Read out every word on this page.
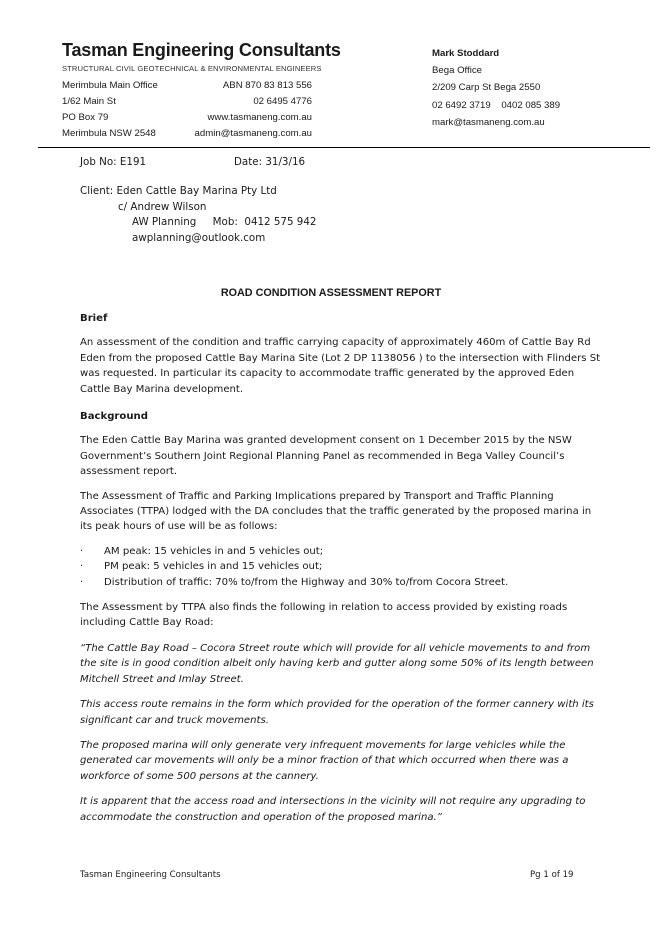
Tasman Engineering Consultants
STRUCTURAL CIVIL GEOTECHNICAL & ENVIRONMENTAL ENGINEERS
Merimbula Main Office	ABN 870 83 813 556
1/62 Main St	02 6495 4776
PO Box 79	www.tasmaneng.com.au
Merimbula NSW 2548	admin@tasmaneng.com.au
Mark Stoddard
Bega Office
2/209 Carp St Bega 2550
02 6492 3719    0402 085 389
mark@tasmaneng.com.au
Job No: E191	Date: 31/3/16
Client: Eden Cattle Bay Marina Pty Ltd
c/ Andrew Wilson
AW Planning     Mob:  0412 575 942
awplanning@outlook.com
ROAD CONDITION ASSESSMENT REPORT
Brief
An assessment of the condition and traffic carrying capacity of approximately 460m of Cattle Bay Rd Eden from the proposed Cattle Bay Marina Site (Lot 2 DP 1138056 ) to the intersection with Flinders St was requested. In particular its capacity to accommodate traffic generated by the approved Eden Cattle Bay Marina development.
Background
The Eden Cattle Bay Marina was granted development consent on 1 December 2015 by the NSW Government’s Southern Joint Regional Planning Panel as recommended in Bega Valley Council’s assessment report.
The Assessment of Traffic and Parking Implications prepared by Transport and Traffic Planning Associates (TTPA) lodged with the DA concludes that the traffic generated by the proposed marina in its peak hours of use will be as follows:
· AM peak: 15 vehicles in and 5 vehicles out;
· PM peak: 5 vehicles in and 15 vehicles out;
· Distribution of traffic: 70% to/from the Highway and 30% to/from Cocora Street.
The Assessment by TTPA also finds the following in relation to access provided by existing roads including Cattle Bay Road:
“The Cattle Bay Road – Cocora Street route which will provide for all vehicle movements to and from the site is in good condition albeit only having kerb and gutter along some 50% of its length between Mitchell Street and Imlay Street.
This access route remains in the form which provided for the operation of the former cannery with its significant car and truck movements.
The proposed marina will only generate very infrequent movements for large vehicles while the generated car movements will only be a minor fraction of that which occurred when there was a workforce of some 500 persons at the cannery.
It is apparent that the access road and intersections in the vicinity will not require any upgrading to accommodate the construction and operation of the proposed marina.”
Tasman Engineering Consultants	Pg 1 of 19
